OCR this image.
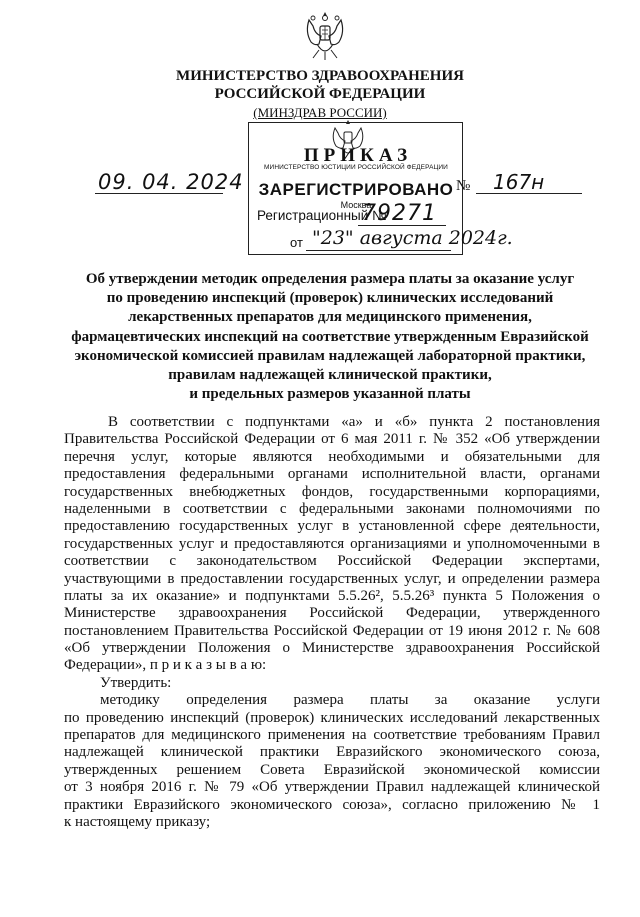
МИНИСТЕРСТВО ЗДРАВООХРАНЕНИЯ
РОССИЙСКОЙ ФЕДЕРАЦИИ
(МИНЗДРАВ РОССИИ)
ПРИКАЗ
МИНИСТЕРСТВО ЮСТИЦИИ РОССИЙСКОЙ ФЕДЕРАЦИИ
ЗАРЕГИСТРИРОВАНО
Москва
Регистрационный №
79271
от "23" августа 2024г.
09. 04. 2024	№ 167н
Об утверждении методик определения размера платы за оказание услуг
по проведению инспекций (проверок) клинических исследований
лекарственных препаратов для медицинского применения,
фармацевтических инспекций на соответствие утвержденным Евразийской
экономической комиссией правилам надлежащей лабораторной практики,
правилам надлежащей клинической практики,
и предельных размеров указанной платы
В соответствии с подпунктами «а» и «б» пункта 2 постановления
Правительства Российской Федерации от 6 мая 2011 г. № 352 «Об утверждении
перечня услуг, которые являются необходимыми и обязательными для
предоставления федеральными органами исполнительной власти, органами
государственных внебюджетных фондов, государственными корпорациями,
наделенными в соответствии с федеральными законами полномочиями по
предоставлению государственных услуг в установленной сфере деятельности,
государственных услуг и предоставляются организациями и уполномоченными в
соответствии с законодательством Российской Федерации экспертами,
участвующими в предоставлении государственных услуг, и определении размера
платы за их оказание» и подпунктами 5.5.26², 5.5.26³ пункта 5 Положения о
Министерстве здравоохранения Российской Федерации, утвержденного
постановлением Правительства Российской Федерации от 19 июня 2012 г. № 608
«Об утверждении Положения о Министерстве здравоохранения Российской
Федерации», п р и к а з ы в а ю:
Утвердить:
методику определения размера платы за оказание услуги
по проведению инспекций (проверок) клинических исследований лекарственных
препаратов для медицинского применения на соответствие требованиям Правил
надлежащей клинической практики Евразийского экономического союза,
утвержденных решением Совета Евразийской экономической комиссии
от 3 ноября 2016 г. № 79 «Об утверждении Правил надлежащей клинической
практики Евразийского экономического союза», согласно приложению № 1
к настоящему приказу;
